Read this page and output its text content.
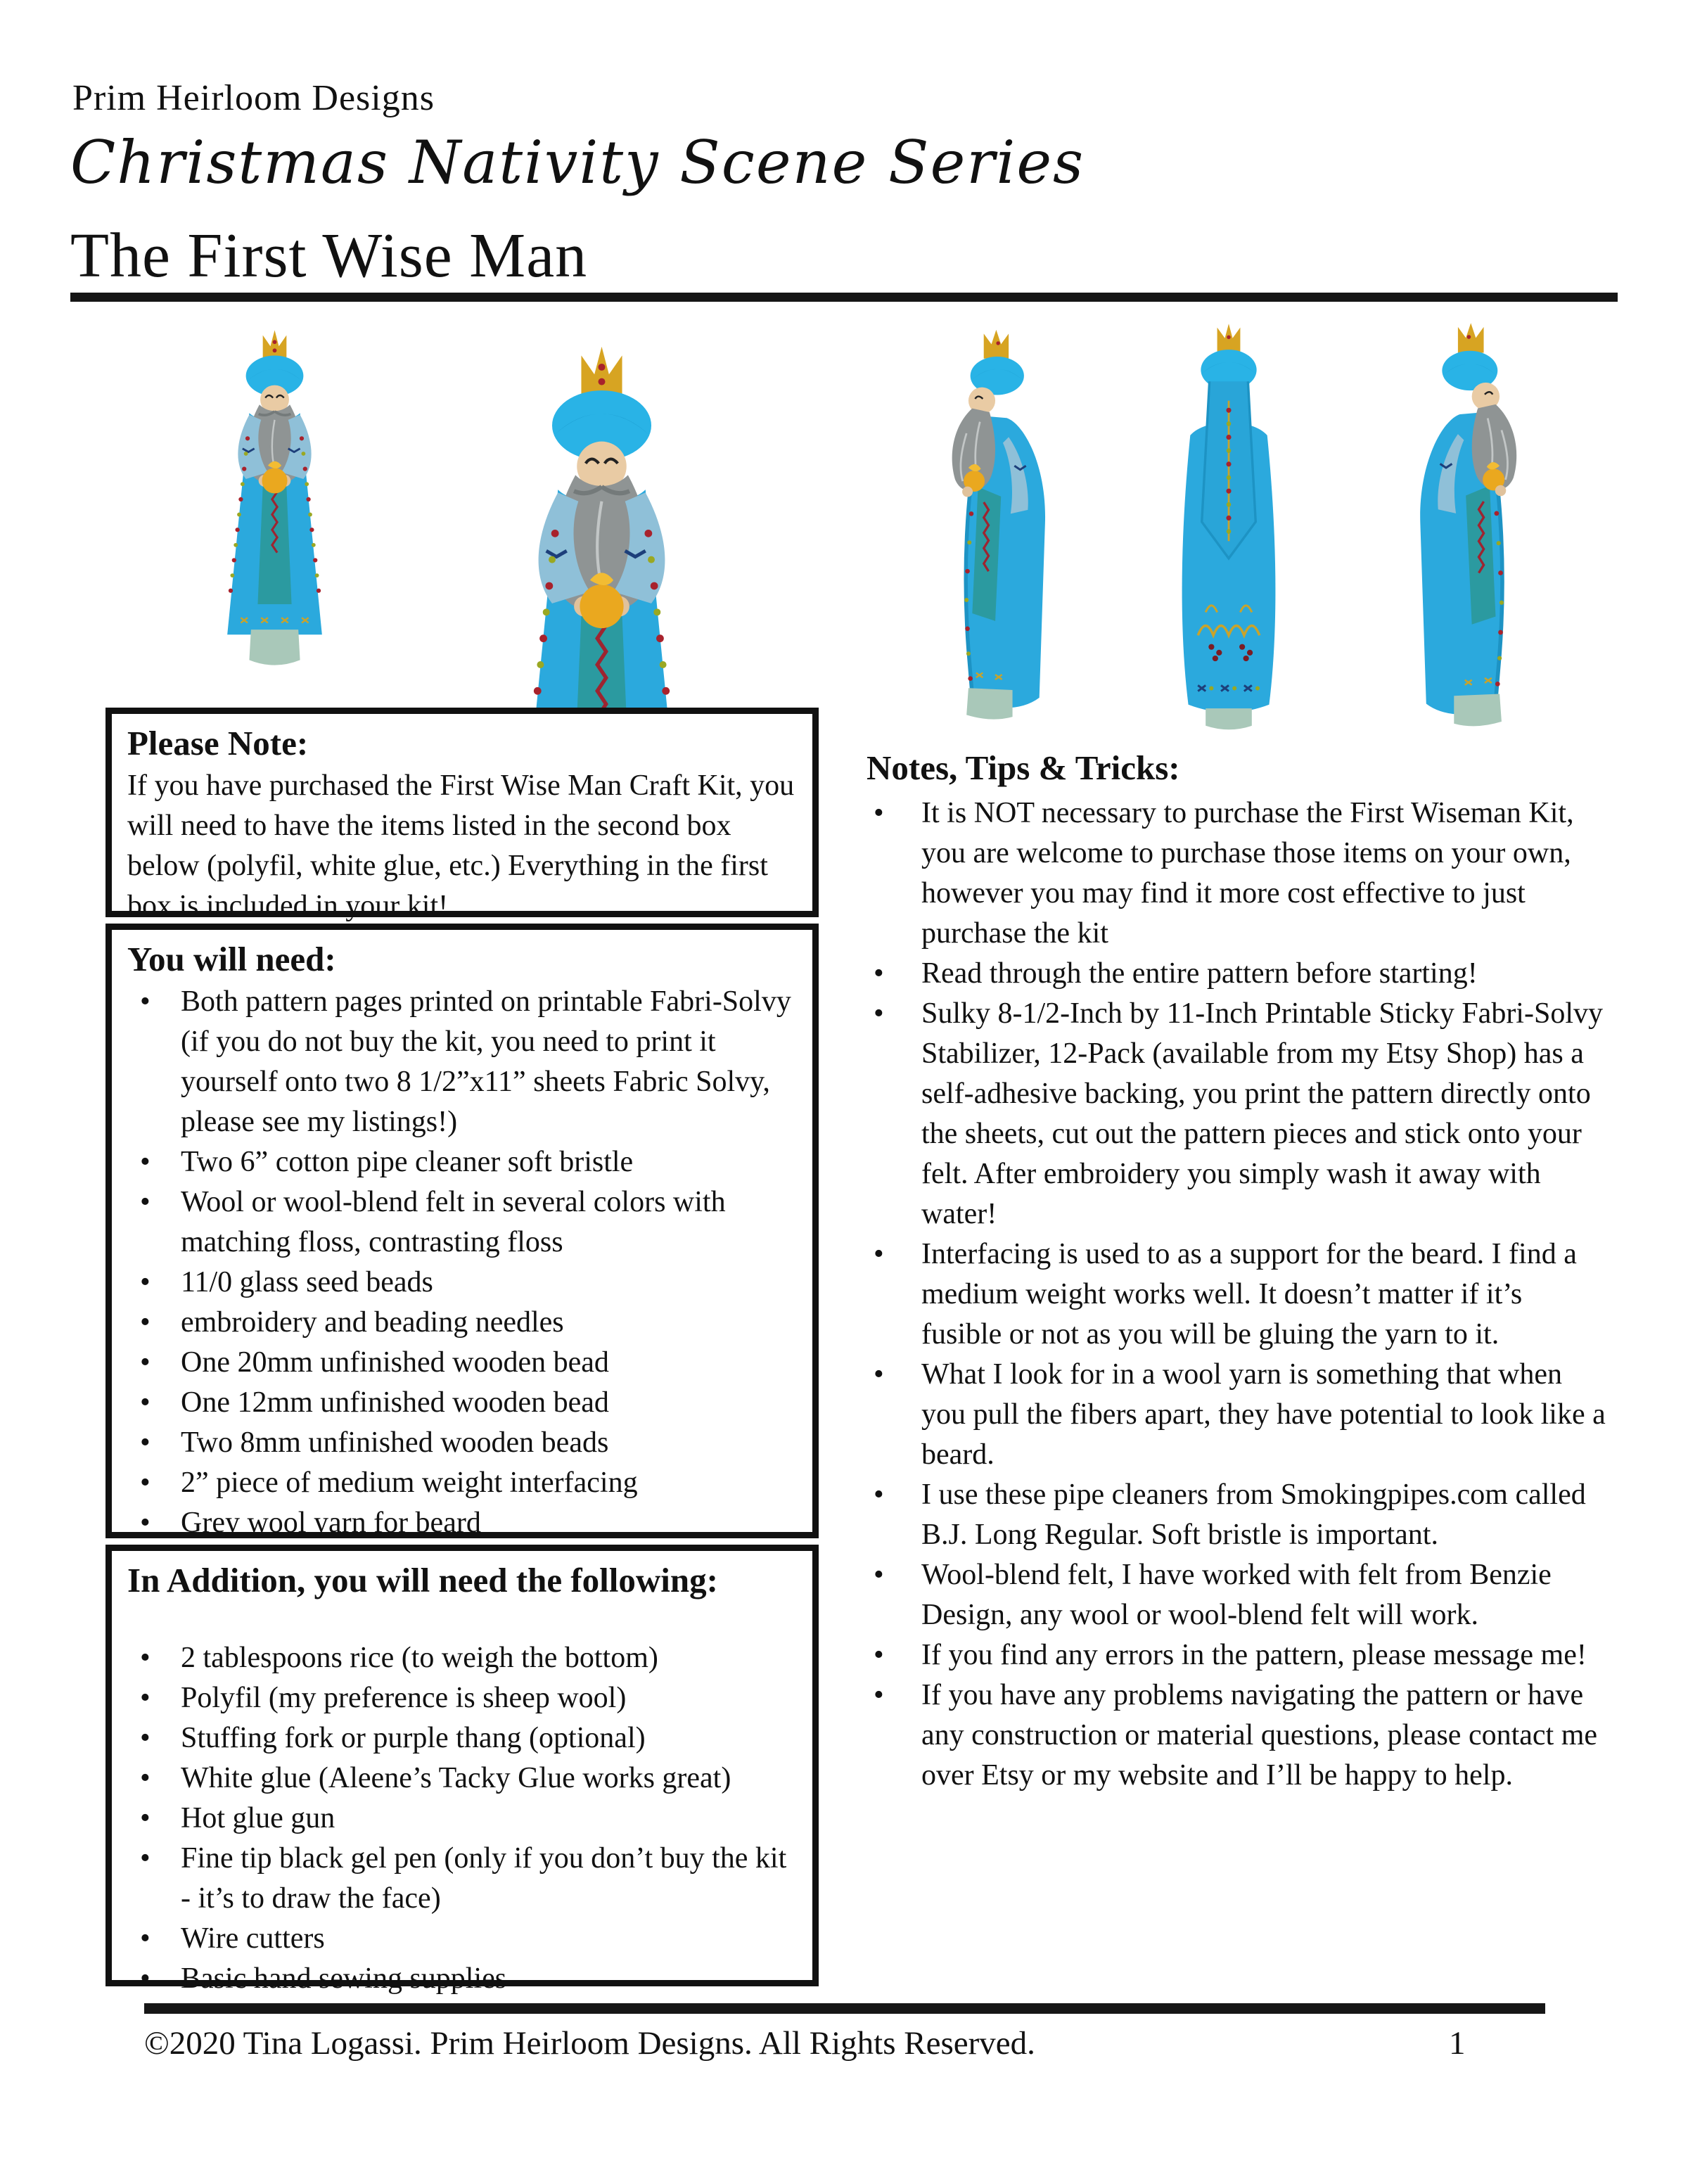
Prim Heirloom Designs
Christmas Nativity Scene Series
The First Wise Man
Please Note:

If you have purchased the First Wise Man Craft Kit, you will need to have the items listed in the second box below (polyfil, white glue, etc.) Everything in the first box is included in your kit!

You will need:
• Both pattern pages printed on printable Fabri-Solvy (if you do not buy the kit, you need to print it yourself onto two 8 1/2”x11” sheets Fabric Solvy, please see my listings!)
• Two 6” cotton pipe cleaner soft bristle
• Wool or wool-blend felt in several colors with matching floss, contrasting floss
• 11/0 glass seed beads
• embroidery and beading needles
• One 20mm unfinished wooden bead
• One 12mm unfinished wooden bead
• Two 8mm unfinished wooden beads
• 2” piece of medium weight interfacing
• Grey wool yarn for beard
In Addition, you will need the following:
• 2 tablespoons rice (to weigh the bottom)
• Polyfil (my preference is sheep wool)
• Stuffing fork or purple thang (optional)
• White glue (Aleene’s Tacky Glue works great)
• Hot glue gun
• Fine tip black gel pen (only if you don’t buy the kit - it’s to draw the face)
• Wire cutters
• Basic hand sewing supplies
Notes, Tips & Tricks:
• It is NOT necessary to purchase the First Wiseman Kit, you are welcome to purchase those items on your own, however you may find it more cost effective to just purchase the kit
• Read through the entire pattern before starting!
• Sulky 8-1/2-Inch by 11-Inch Printable Sticky Fabri-Solvy Stabilizer, 12-Pack (available from my Etsy Shop) has a self-adhesive backing, you print the pattern directly onto the sheets, cut out the pattern pieces and stick onto your felt. After embroidery you simply wash it away with water!
• Interfacing is used to as a support for the beard. I find a medium weight works well. It doesn’t matter if it’s fusible or not as you will be gluing the yarn to it.
• What I look for in a wool yarn is something that when you pull the fibers apart, they have potential to look like a beard.
• I use these pipe cleaners from Smokingpipes.com called B.J. Long Regular. Soft bristle is important.
• Wool-blend felt, I have worked with felt from Benzie Design, any wool or wool-blend felt will work.
• If you find any errors in the pattern, please message me!
• If you have any problems navigating the pattern or have any construction or material questions, please contact me over Etsy or my website and I’ll be happy to help.
©2020 Tina Logassi. Prim Heirloom Designs. All Rights Reserved.	1
